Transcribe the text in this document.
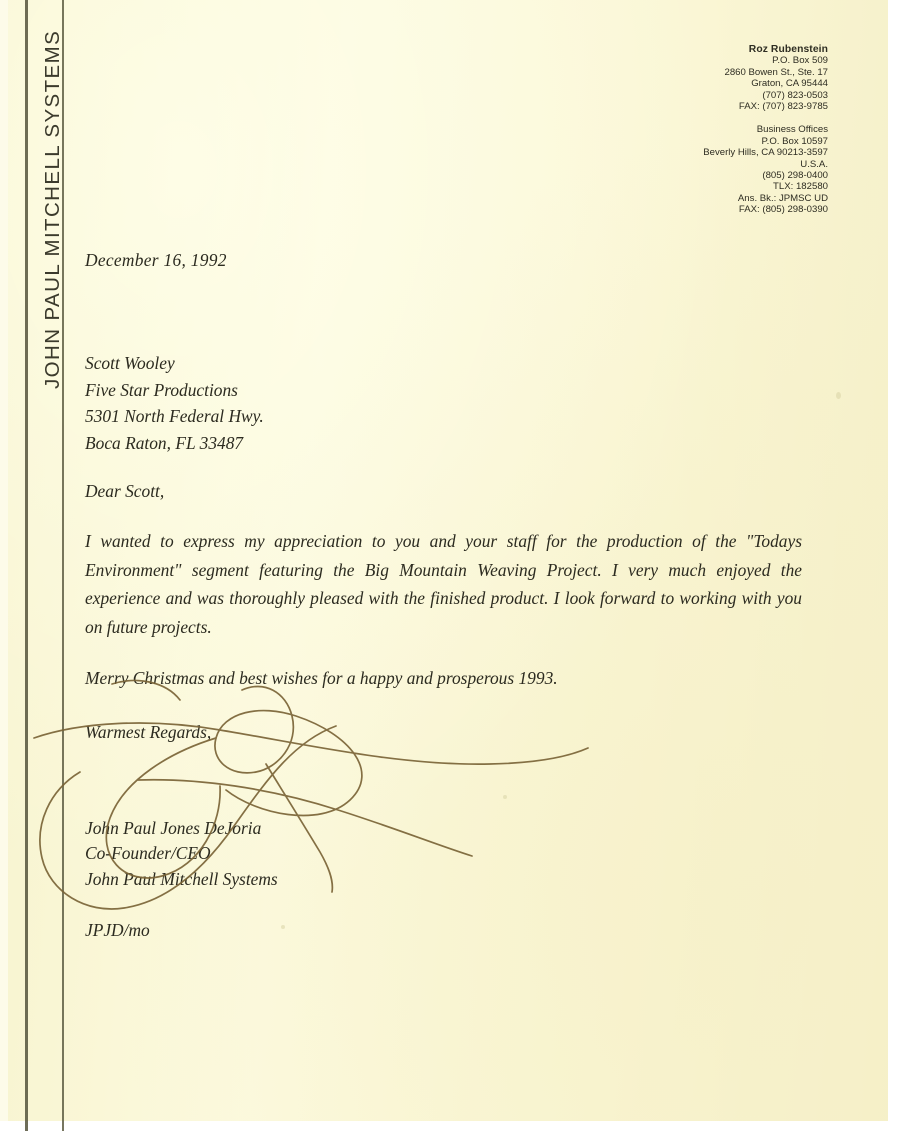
JOHN PAUL MITCHELL SYSTEMS	Roz Rubenstein
P.O. Box 509
2860 Bowen St., Ste. 17
Graton, CA 95444
(707) 823-0503
FAX: (707) 823-9785
Business Offices
P.O. Box 10597
Beverly Hills, CA 90213-3597
U.S.A.
(805) 298-0400
TLX: 182580
Ans. Bk.: JPMSC UD
FAX: (805) 298-0390
December 16, 1992
Scott Wooley
Five Star Productions
5301 North Federal Hwy.
Boca Raton, FL 33487
Dear Scott,
I wanted to express my appreciation to you and your staff for the production of the "Todays Environment" segment featuring the Big Mountain Weaving Project. I very much enjoyed the experience and was thoroughly pleased with the finished product. I look forward to working with you on future projects.
Merry Christmas and best wishes for a happy and prosperous 1993.
Warmest Regards,
John Paul Jones DeJoria
Co-Founder/CEO
John Paul Mitchell Systems
JPJD/mo
